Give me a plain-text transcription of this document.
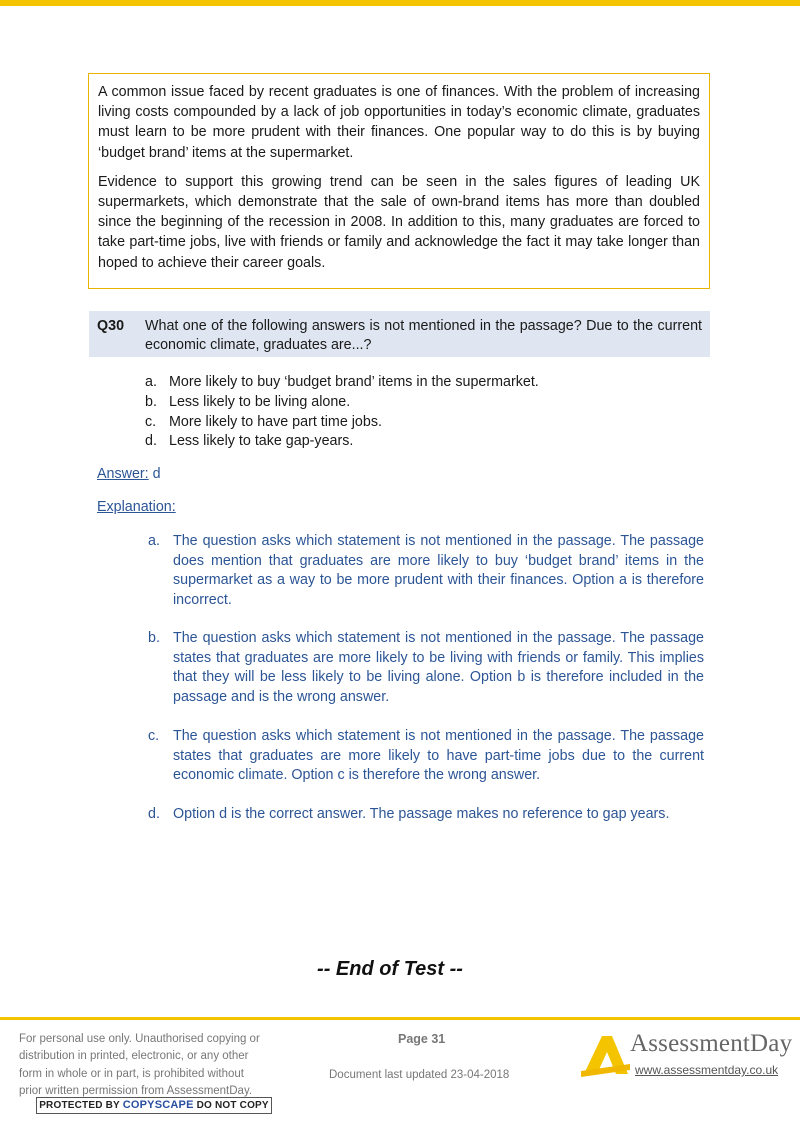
A common issue faced by recent graduates is one of finances. With the problem of increasing living costs compounded by a lack of job opportunities in today’s economic climate, graduates must learn to be more prudent with their finances. One popular way to do this is by buying ‘budget brand’ items at the supermarket.

Evidence to support this growing trend can be seen in the sales figures of leading UK supermarkets, which demonstrate that the sale of own-brand items has more than doubled since the beginning of the recession in 2008. In addition to this, many graduates are forced to take part-time jobs, live with friends or family and acknowledge the fact it may take longer than hoped to achieve their career goals.

Q30 What one of the following answers is not mentioned in the passage? Due to the current economic climate, graduates are...?
a. More likely to buy ‘budget brand’ items in the supermarket.
b. Less likely to be living alone.
c. More likely to have part time jobs.
d. Less likely to take gap-years.
Answer: d
Explanation:
a. The question asks which statement is not mentioned in the passage. The passage does mention that graduates are more likely to buy ‘budget brand’ items in the supermarket as a way to be more prudent with their finances. Option a is therefore incorrect.
b. The question asks which statement is not mentioned in the passage. The passage states that graduates are more likely to be living with friends or family. This implies that they will be less likely to be living alone. Option b is therefore included in the passage and is the wrong answer.
c. The question asks which statement is not mentioned in the passage. The passage states that graduates are more likely to have part-time jobs due to the current economic climate. Option c is therefore the wrong answer.
d. Option d is the correct answer. The passage makes no reference to gap years.
-- End of Test --
For personal use only. Unauthorised copying or
distribution in printed, electronic, or any other
form in whole or in part, is prohibited without
prior written permission from AssessmentDay.
PROTECTED BY COPYSCAPE DO NOT COPY
Page 31
Document last updated 23-04-2018
AssessmentDay
www.assessmentday.co.uk
